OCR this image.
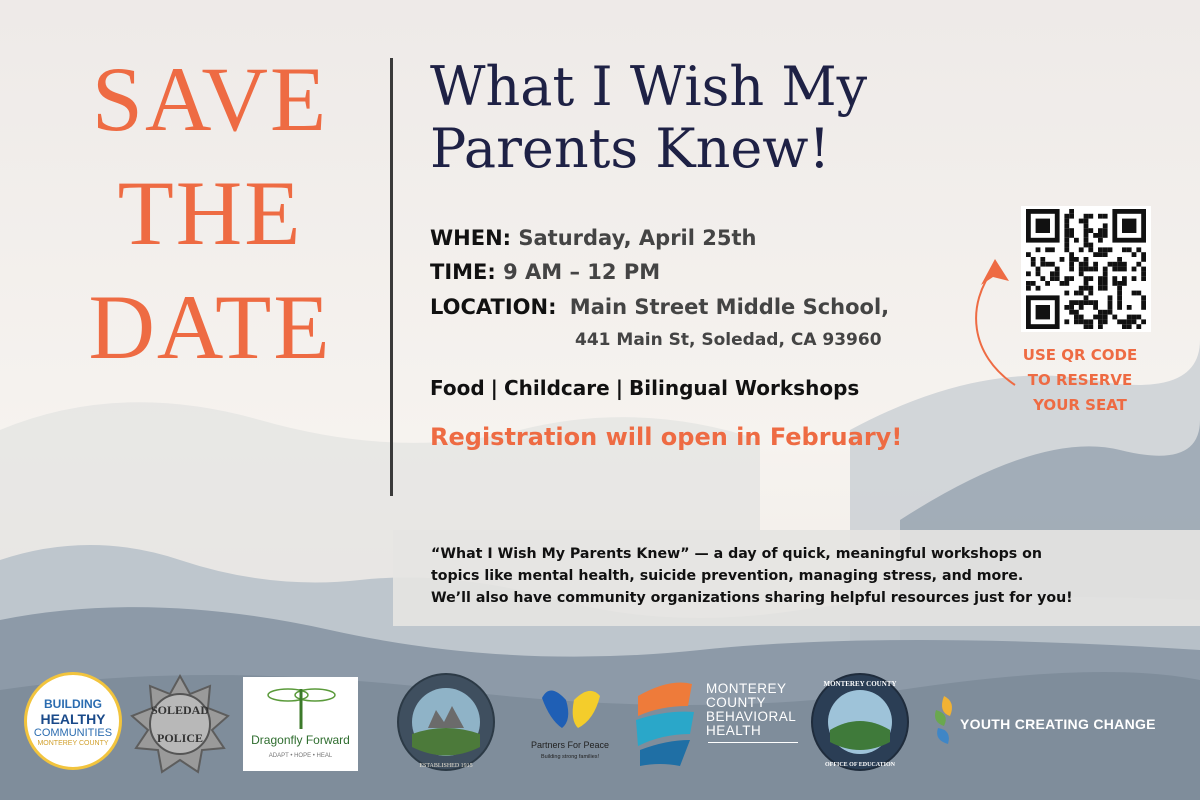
SAVE
THE
DATE
What I Wish My
Parents Knew!
WHEN: Saturday, April 25th
TIME: 9 AM – 12 PM
LOCATION: Main Street Middle School,
441 Main St, Soledad, CA 93960
Food | Childcare | Bilingual Workshops
Registration will open in February!
USE QR CODE
TO RESERVE
YOUR SEAT

“What I Wish My Parents Knew” — a day of quick, meaningful workshops on
topics like mental health, suicide prevention, managing stress, and more.
We’ll also have community organizations sharing helpful resources just for you!

BUILDING
HEALTHY
COMMUNITIES
MONTEREY COUNTY
SOLEDAD
POLICE	Dragonfly Forward
ADAPT • HOPE • HEAL
ESTABLISHED 1915
Partners For Peace
Building strong families!
MONTEREY
COUNTY
BEHAVIORAL
HEALTH
MONTEREY COUNTY
OFFICE OF EDUCATION
YOUTH CREATING CHANGE
